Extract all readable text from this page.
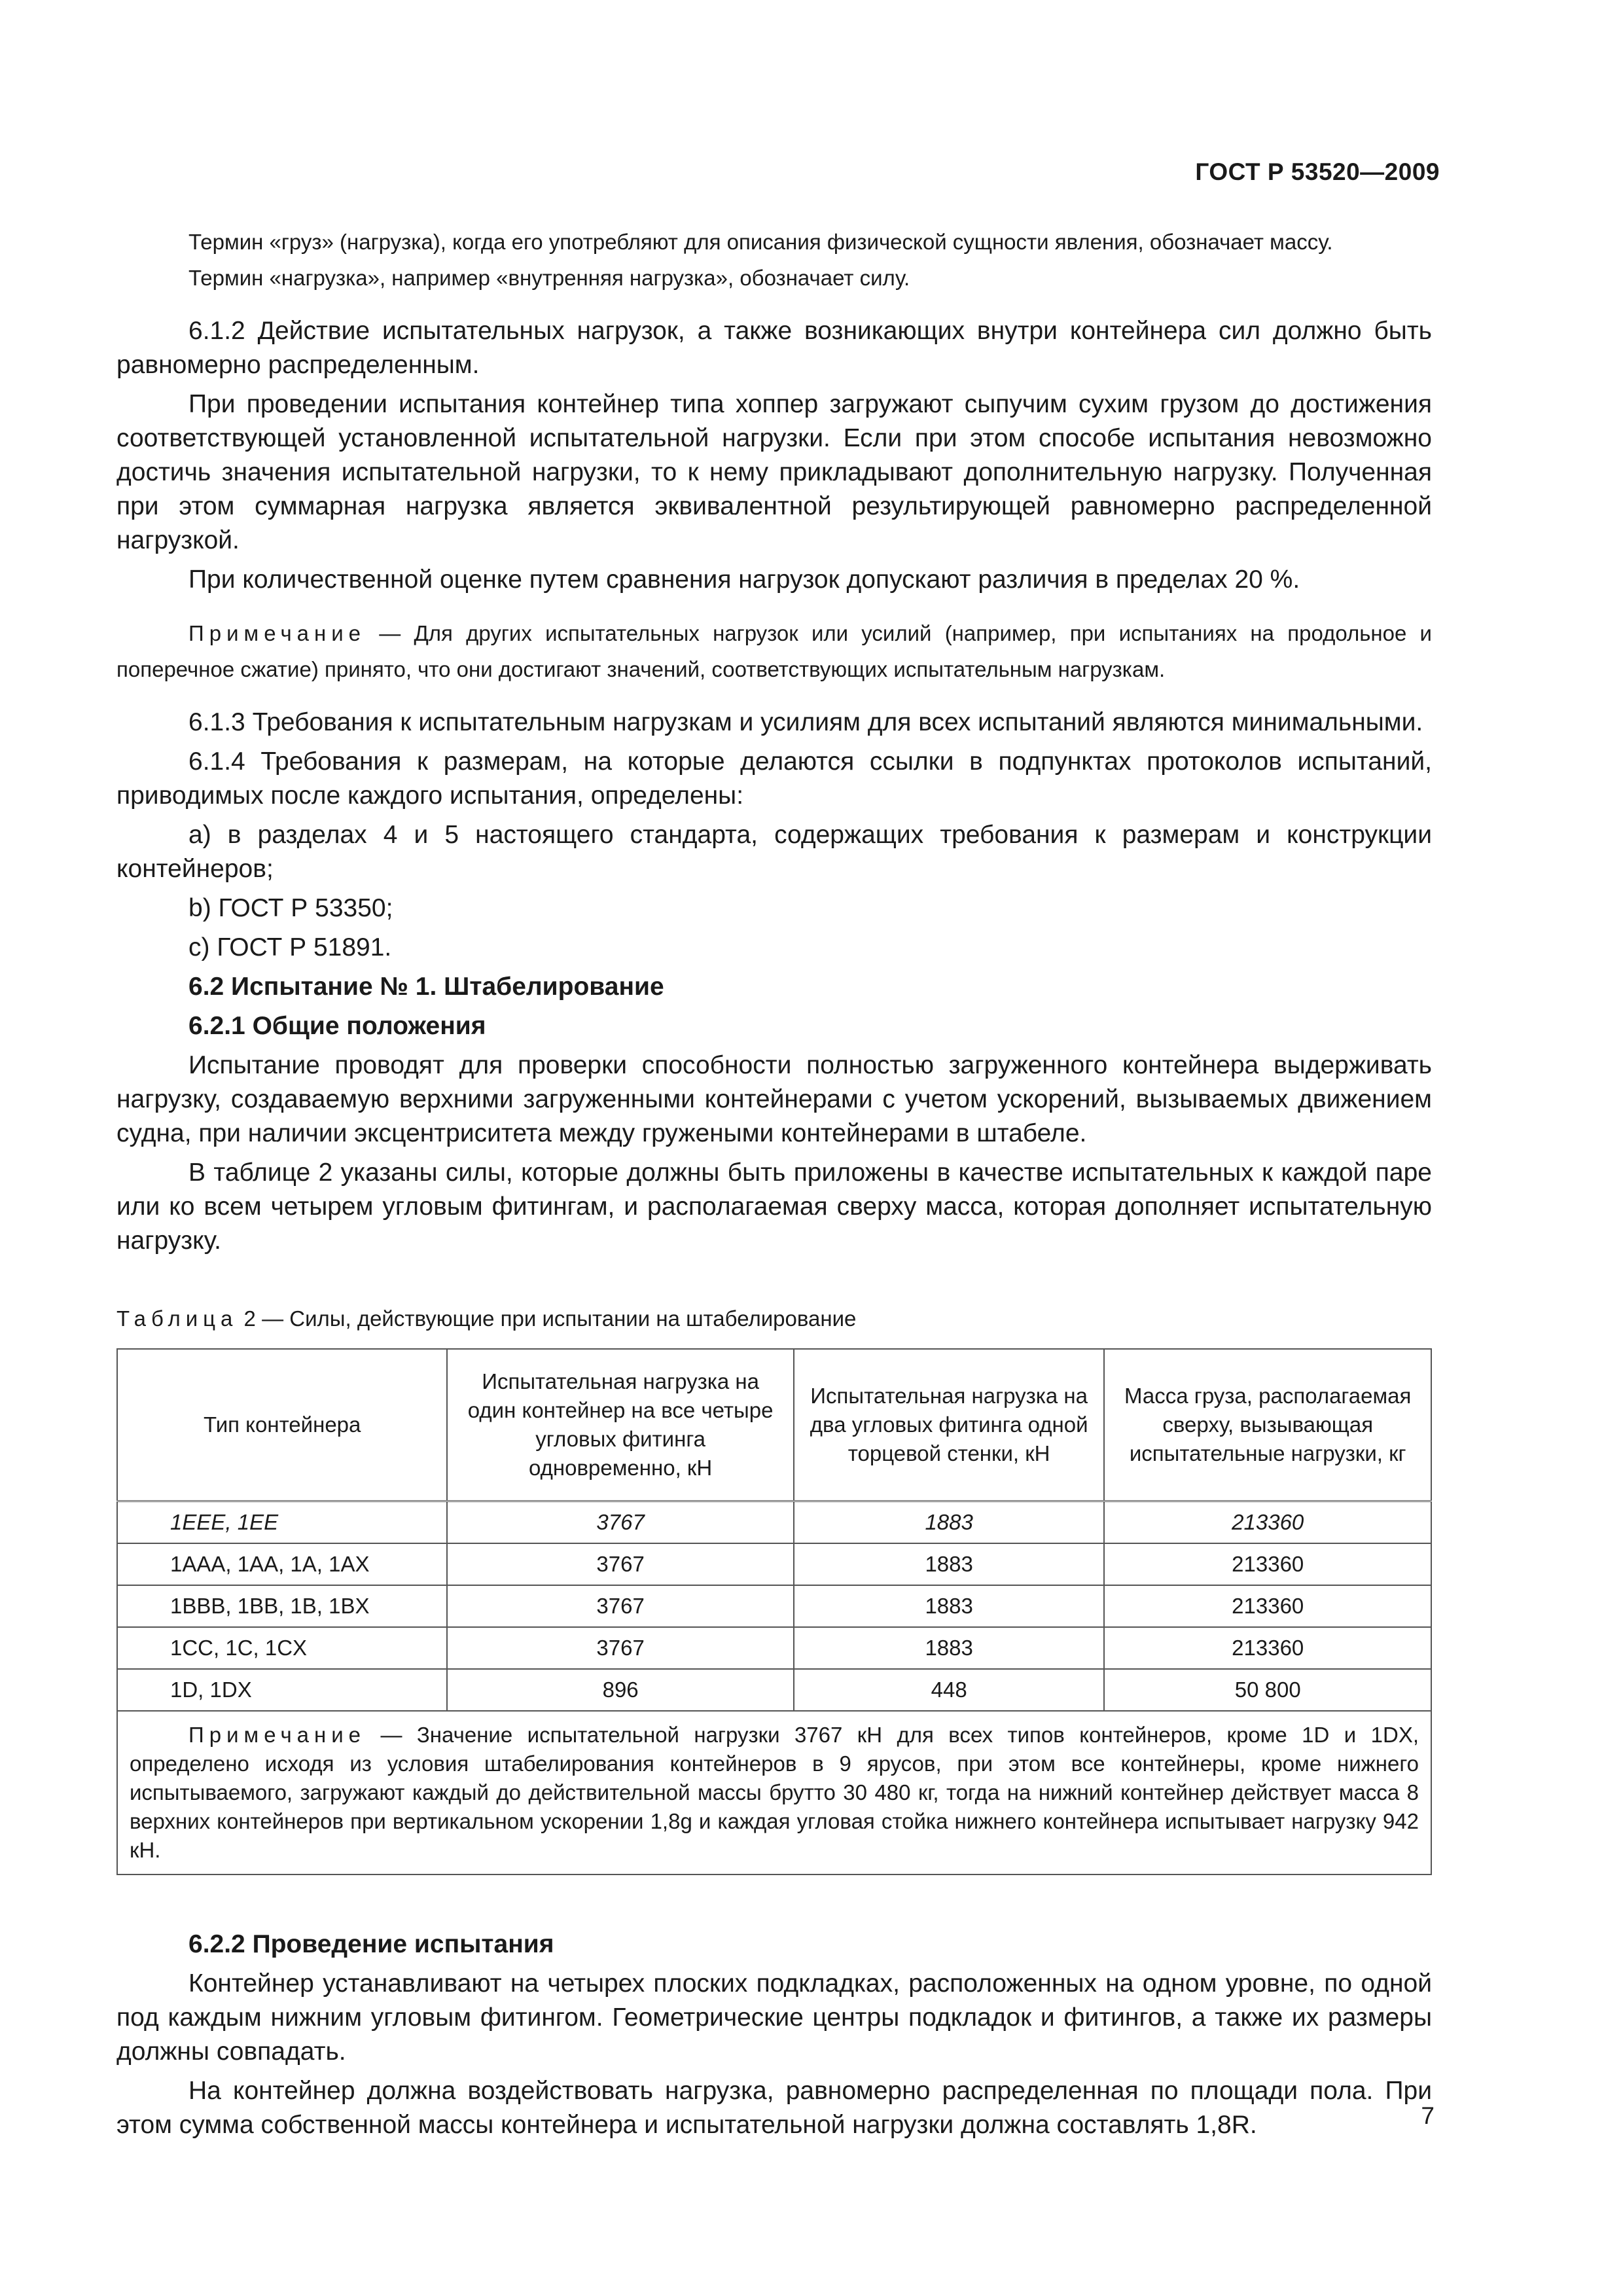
ГОСТ Р 53520—2009

Термин «груз» (нагрузка), когда его употребляют для описания физической сущности явления, обозначает массу.

Термин «нагрузка», например «внутренняя нагрузка», обозначает силу.

6.1.2 Действие испытательных нагрузок, а также возникающих внутри контейнера сил должно быть равномерно распределенным.

При проведении испытания контейнер типа хоппер загружают сыпучим сухим грузом до достижения соответствующей установленной испытательной нагрузки. Если при этом способе испытания невозможно достичь значения испытательной нагрузки, то к нему прикладывают дополнительную нагрузку. Полученная при этом суммарная нагрузка является эквивалентной результирующей равномерно распределенной нагрузкой.

При количественной оценке путем сравнения нагрузок допускают различия в пределах 20 %.

Примечание — Для других испытательных нагрузок или усилий (например, при испытаниях на продольное и поперечное сжатие) принято, что они достигают значений, соответствующих испытательным нагрузкам.

6.1.3 Требования к испытательным нагрузкам и усилиям для всех испытаний являются минимальными.

6.1.4 Требования к размерам, на которые делаются ссылки в подпунктах протоколов испытаний, приводимых после каждого испытания, определены:

а) в разделах 4 и 5 настоящего стандарта, содержащих требования к размерам и конструкции контейнеров;

b) ГОСТ Р 53350;

c) ГОСТ Р 51891.

6.2 Испытание № 1. Штабелирование

6.2.1 Общие положения

Испытание проводят для проверки способности полностью загруженного контейнера выдерживать нагрузку, создаваемую верхними загруженными контейнерами с учетом ускорений, вызываемых движением судна, при наличии эксцентриситета между гружеными контейнерами в штабеле.

В таблице 2 указаны силы, которые должны быть приложены в качестве испытательных к каждой паре или ко всем четырем угловым фитингам, и располагаемая сверху масса, которая дополняет испытательную нагрузку.

Таблица 2 — Силы, действующие при испытании на штабелирование

Тип контейнера	Испытательная нагрузка на один контейнер на все четыре угловых фитинга одновременно, кН	Испытательная нагрузка на два угловых фитинга одной торцевой стенки, кН	Масса груза, располагаемая сверху, вызывающая испытательные нагрузки, кг
1EEE, 1EE	3767	1883	213360
1AAA, 1AA, 1A, 1AX	3767	1883	213360
1BBB, 1BB, 1B, 1BX	3767	1883	213360
1CC, 1C, 1CX	3767	1883	213360
1D, 1DX	896	448	50 800
Примечание — Значение испытательной нагрузки 3767 кН для всех типов контейнеров, кроме 1D и 1DX, определено исходя из условия штабелирования контейнеров в 9 ярусов, при этом все контейнеры, кроме нижнего испытываемого, загружают каждый до действительной массы брутто 30 480 кг, тогда на нижний контейнер действует масса 8 верхних контейнеров при вертикальном ускорении 1,8g и каждая угловая стойка нижнего контейнера испытывает нагрузку 942 кН.			

6.2.2 Проведение испытания

Контейнер устанавливают на четырех плоских подкладках, расположенных на одном уровне, по одной под каждым нижним угловым фитингом. Геометрические центры подкладок и фитингов, а также их размеры должны совпадать.

На контейнер должна воздействовать нагрузка, равномерно распределенная по площади пола. При этом сумма собственной массы контейнера и испытательной нагрузки должна составлять 1,8R.	7
